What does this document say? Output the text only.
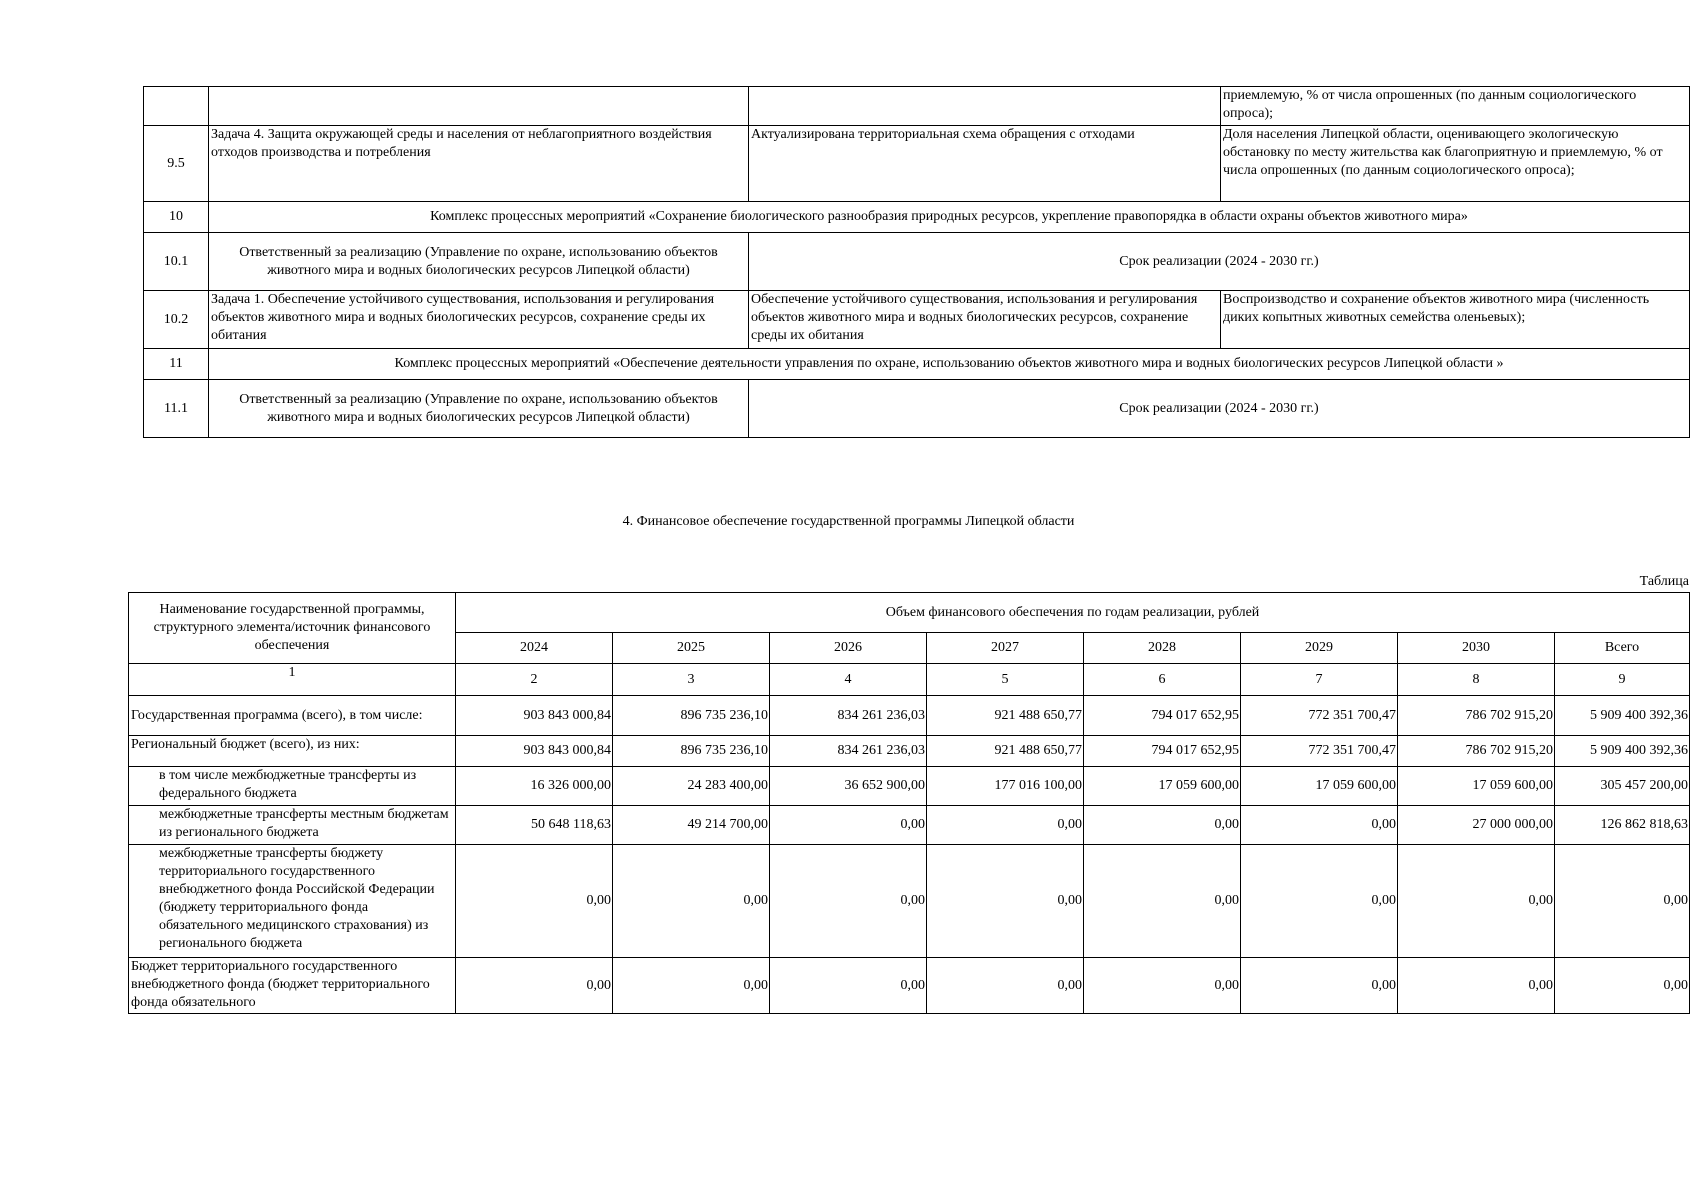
			приемлемую, % от числа опрошенных (по данным социологического опроса);
9.5	Задача 4. Защита окружающей среды и населения от неблагоприятного воздействия отходов производства и потребления	Актуализирована территориальная схема обращения с отходами	Доля населения Липецкой области, оценивающего экологическую обстановку по месту жительства как благоприятную и приемлемую, % от числа опрошенных (по данным социологического опроса);
10	Комплекс процессных мероприятий «Сохранение биологического разнообразия природных ресурсов, укрепление правопорядка в области охраны объектов животного мира»		
10.1	Ответственный за реализацию (Управление по охране, использованию объектов животного мира и водных биологических ресурсов Липецкой области)	Срок реализации (2024 - 2030 гг.)	
10.2	Задача 1. Обеспечение устойчивого существования, использования и регулирования объектов животного мира и водных биологических ресурсов, сохранение среды их обитания	Обеспечение устойчивого существования, использования и регулирования объектов животного мира и водных биологических ресурсов, сохранение среды их обитания	Воспроизводство и сохранение объектов животного мира (численность диких копытных животных семейства оленьевых);
11	Комплекс процессных мероприятий «Обеспечение деятельности управления по охране, использованию объектов животного мира и водных биологических ресурсов Липецкой области »		
11.1	Ответственный за реализацию (Управление по охране, использованию объектов животного мира и водных биологических ресурсов Липецкой области)	Срок реализации (2024 - 2030 гг.)	
4. Финансовое обеспечение государственной программы Липецкой области
Таблица
Наименование государственной программы, структурного элемента/источник финансового обеспечения	Объем финансового обеспечения по годам реализации, рублей							
	2024	2025	2026	2027	2028	2029	2030	Всего
1	2	3	4	5	6	7	8	9
Государственная программа (всего), в том числе:	903 843 000,84	896 735 236,10	834 261 236,03	921 488 650,77	794 017 652,95	772 351 700,47	786 702 915,20	5 909 400 392,36
Региональный бюджет (всего), из них:	903 843 000,84	896 735 236,10	834 261 236,03	921 488 650,77	794 017 652,95	772 351 700,47	786 702 915,20	5 909 400 392,36
в том числе межбюджетные трансферты из федерального бюджета	16 326 000,00	24 283 400,00	36 652 900,00	177 016 100,00	17 059 600,00	17 059 600,00	17 059 600,00	305 457 200,00
межбюджетные трансферты местным бюджетам из регионального бюджета	50 648 118,63	49 214 700,00	0,00	0,00	0,00	0,00	27 000 000,00	126 862 818,63
межбюджетные трансферты бюджету территориального государственного внебюджетного фонда Российской Федерации (бюджету территориального фонда обязательного медицинского страхования) из регионального бюджета	0,00	0,00	0,00	0,00	0,00	0,00	0,00	0,00
Бюджет территориального государственного внебюджетного фонда (бюджет территориального фонда обязательного	0,00	0,00	0,00	0,00	0,00	0,00	0,00	0,00
